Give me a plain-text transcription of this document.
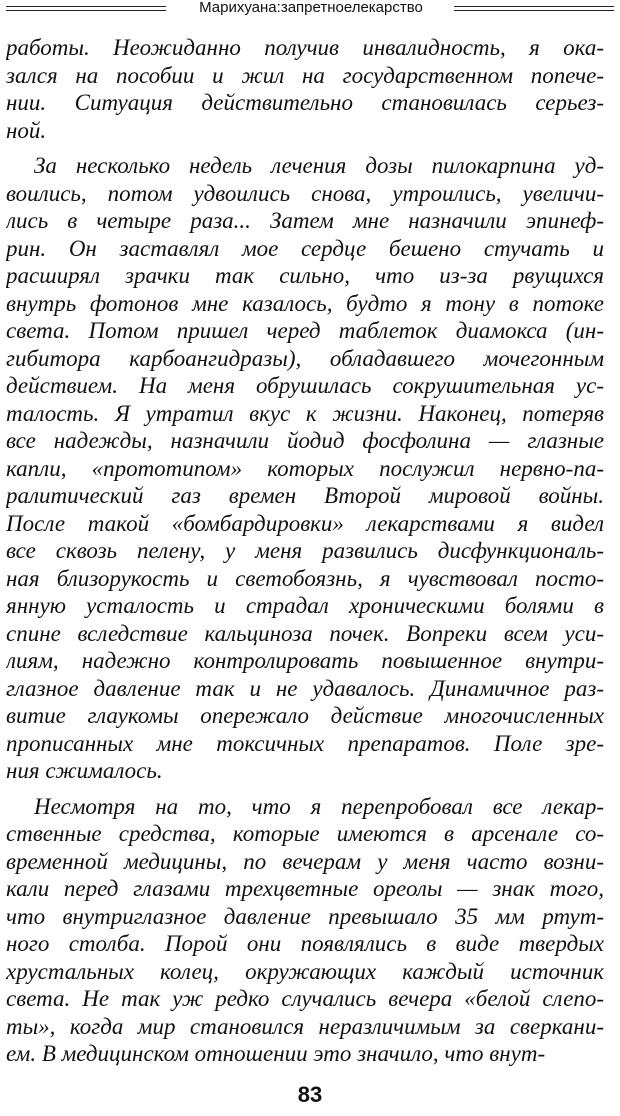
Марихуана:запретноелекарство
работы. Неожиданно получив инвалидность, я ока-
зался на пособии и жил на государственном попече-
нии. Ситуация действительно становилась серьез-
ной.
За несколько недель лечения дозы пилокарпина уд-
воились, потом удвоились снова, утроились, увеличи-
лись в четыре раза... Затем мне назначили эпинеф-
рин. Он заставлял мое сердце бешено стучать и
расширял зрачки так сильно, что из-за рвущихся
внутрь фотонов мне казалось, будто я тону в потоке
света. Потом пришел черед таблеток диамокса (ин-
гибитора карбоангидразы), обладавшего мочегонным
действием. На меня обрушилась сокрушительная ус-
талость. Я утратил вкус к жизни. Наконец, потеряв
все надежды, назначили йодид фосфолина — глазные
капли, «прототипом» которых послужил нервно-па-
ралитический газ времен Второй мировой войны.
После такой «бомбардировки» лекарствами я видел
все сквозь пелену, у меня развились дисфункциональ-
ная близорукость и светобоязнь, я чувствовал посто-
янную усталость и страдал хроническими болями в
спине вследствие кальциноза почек. Вопреки всем уси-
лиям, надежно контролировать повышенное внутри-
глазное давление так и не удавалось. Динамичное раз-
витие глаукомы опережало действие многочисленных
прописанных мне токсичных препаратов. Поле зре-
ния сжималось.
Несмотря на то, что я перепробовал все лекар-
ственные средства, которые имеются в арсенале со-
временной медицины, по вечерам у меня часто возни-
кали перед глазами трехцветные ореолы — знак того,
что внутриглазное давление превышало 35 мм ртут-
ного столба. Порой они появлялись в виде твердых
хрустальных колец, окружающих каждый источник
света. Не так уж редко случались вечера «белой слепо-
ты», когда мир становился неразличимым за сверкани-
ем. В медицинском отношении это значило, что внут-
83
